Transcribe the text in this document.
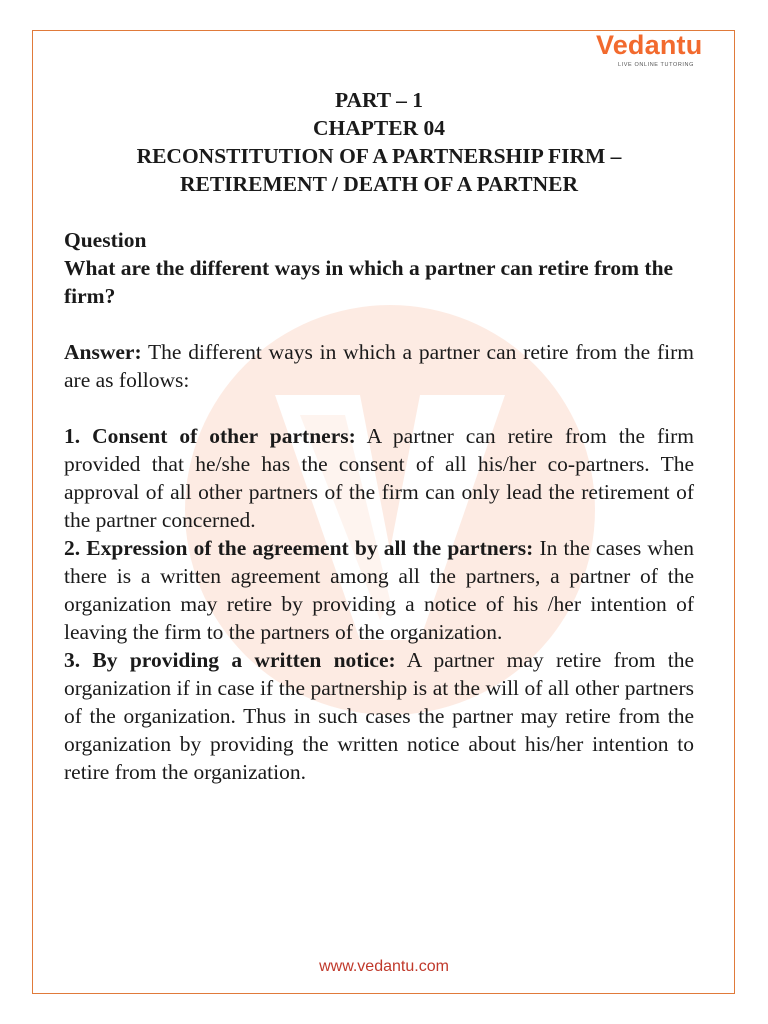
Vedantu
LIVE ONLINE TUTORING
PART – 1
CHAPTER 04
RECONSTITUTION OF A PARTNERSHIP FIRM –
RETIREMENT / DEATH OF A PARTNER
Question
What are the different ways in which a partner can retire from the firm?
Answer: The different ways in which a partner can retire from the firm are as follows:
1. Consent of other partners: A partner can retire from the firm provided that he/she has the consent of all his/her co-partners. The approval of all other partners of the firm can only lead the retirement of the partner concerned.
2. Expression of the agreement by all the partners: In the cases when there is a written agreement among all the partners, a partner of the organization may retire by providing a notice of his /her intention of leaving the firm to the partners of the organization.
3. By providing a written notice: A partner may retire from the organization if in case if the partnership is at the will of all other partners of the organization. Thus in such cases the partner may retire from the organization by providing the written notice about his/her intention to retire from the organization.
www.vedantu.com
